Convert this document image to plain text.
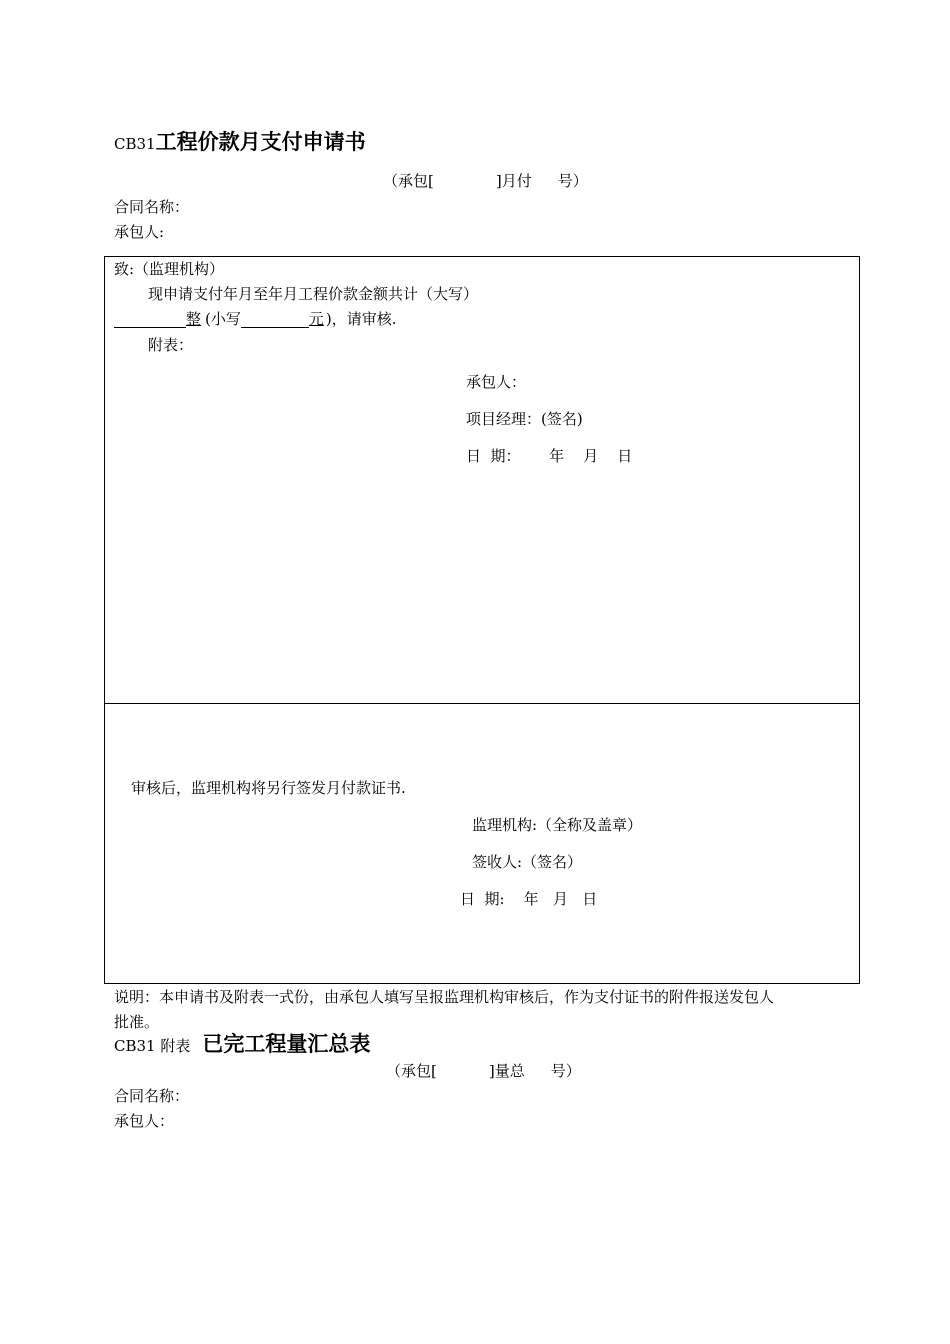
CB31工程价款月支付申请书
（承包[	]月付 号）
合同名称：
承包人:
致:（监理机构）
现申请支付年月至年月工程价款金额共计（大写）
整 (小写	元 )，请审核.
附表：
承包人：
项目经理：(签名)
日  期：      年    月    日
审核后，监理机构将另行签发月付款证书.
监理机构:（全称及盖章）
签收人:（签名）
日  期:    年   月   日
说明：本申请书及附表一式份，由承包人填写呈报监理机构审核后，作为支付证书的附件报送发包人
批准。
CB31 附表 已完工程量汇总表
（承包[	]量总 号）
合同名称：
承包人：
